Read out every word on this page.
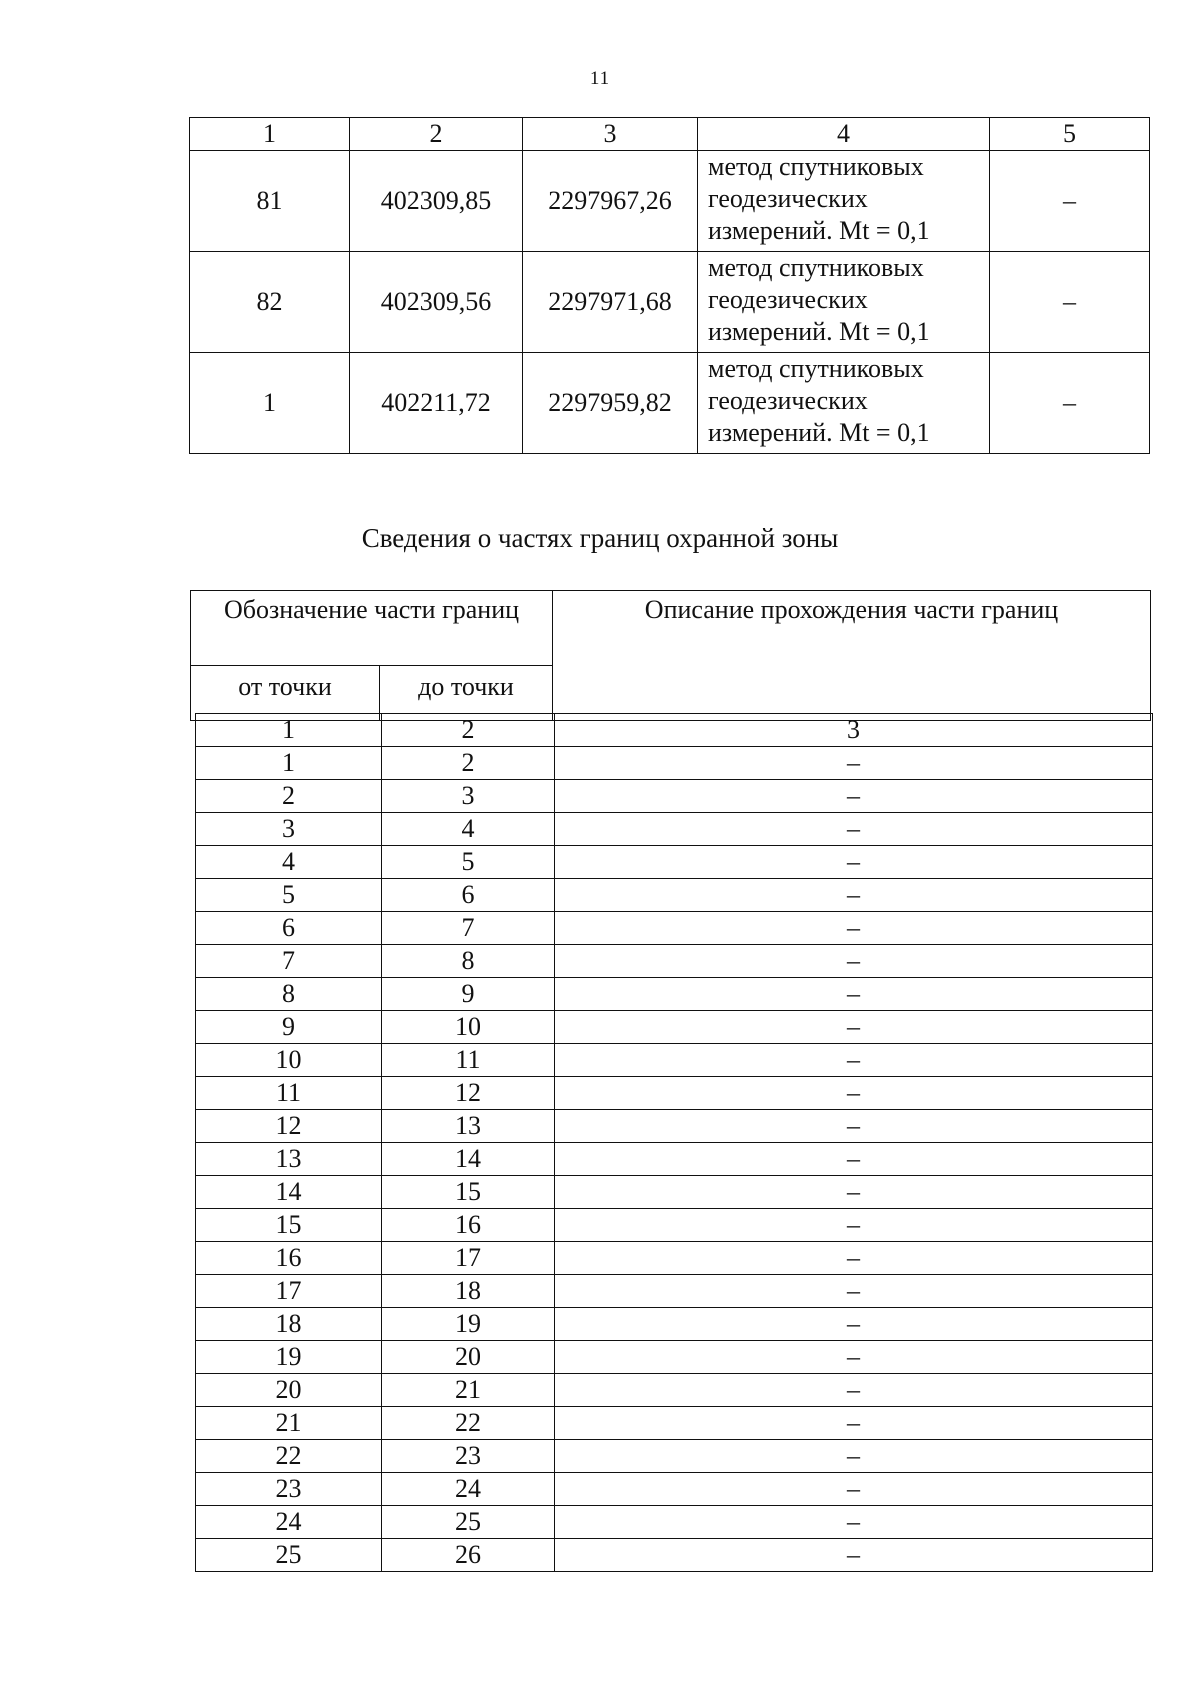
11
1	2	3	4	5
81	402309,85	2297967,26	метод спутниковых
геодезических
измерений. Mt = 0,1	–
82	402309,56	2297971,68	метод спутниковых
геодезических
измерений. Mt = 0,1	–
1	402211,72	2297959,82	метод спутниковых
геодезических
измерений. Mt = 0,1	–
Сведения о частях границ охранной зоны
Обозначение части границ		Описание прохождения части границ
от точки	до точки	
1	2	3
1	2	–
2	3	–
3	4	–
4	5	–
5	6	–
6	7	–
7	8	–
8	9	–
9	10	–
10	11	–
11	12	–
12	13	–
13	14	–
14	15	–
15	16	–
16	17	–
17	18	–
18	19	–
19	20	–
20	21	–
21	22	–
22	23	–
23	24	–
24	25	–
25	26	–
